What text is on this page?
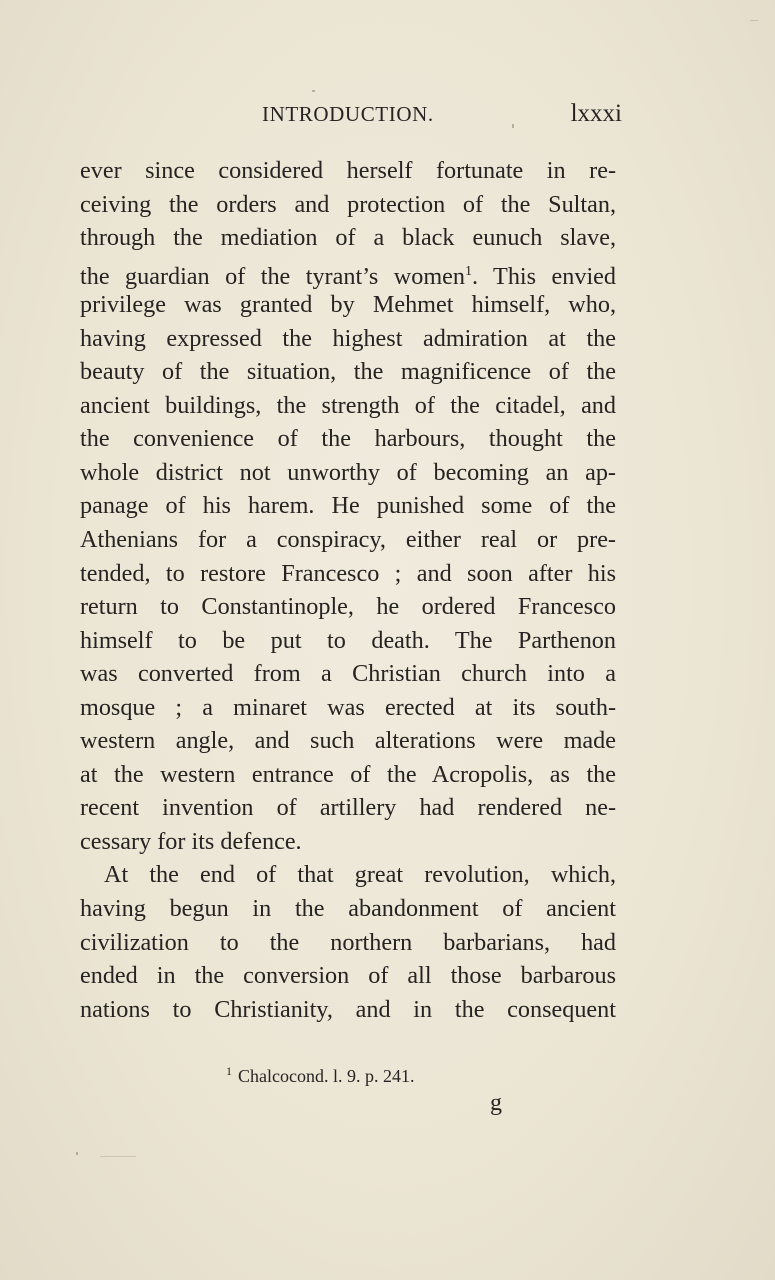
INTRODUCTION.	lxxxi
ever since considered herself fortunate in re-
ceiving the orders and protection of the Sultan,
through the mediation of a black eunuch slave,
the guardian of the tyrant’s women$^1$. This envied
privilege was granted by Mehmet himself, who,
having expressed the highest admiration at the
beauty of the situation, the magnificence of the
ancient buildings, the strength of the citadel, and
the convenience of the harbours, thought the
whole district not unworthy of becoming an ap-
panage of his harem. He punished some of the
Athenians for a conspiracy, either real or pre-
tended, to restore Francesco ; and soon after his
return to Constantinople, he ordered Francesco
himself to be put to death. The Parthenon
was converted from a Christian church into a
mosque ; a minaret was erected at its south-
western angle, and such alterations were made
at the western entrance of the Acropolis, as the
recent invention of artillery had rendered ne-
cessary for its defence.
At the end of that great revolution, which,
having begun in the abandonment of ancient
civilization to the northern barbarians, had
ended in the conversion of all those barbarous
nations to Christianity, and in the consequent
$^1$ Chalcocond. l. 9. p. 241.
g
